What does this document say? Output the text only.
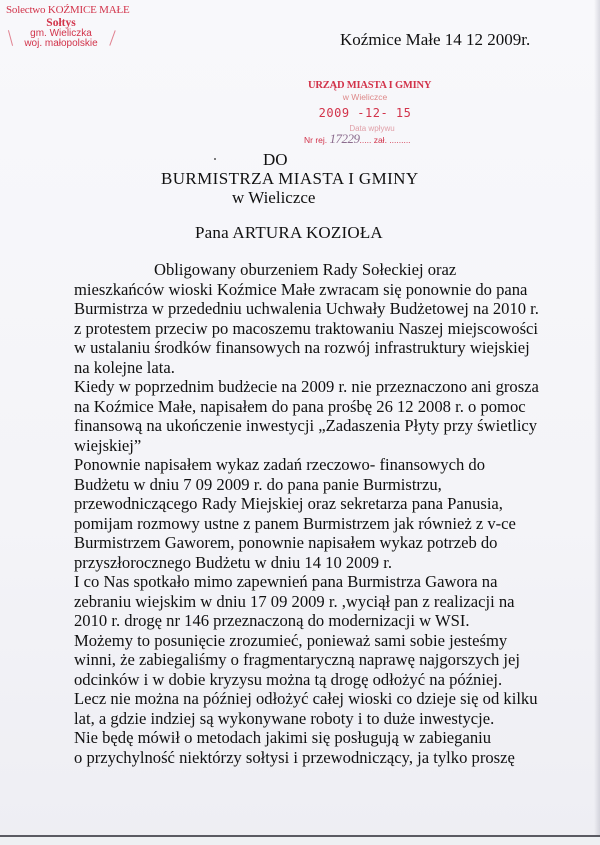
Solectwo KOŹMICE MAŁE
Sołtys
gm. Wieliczka
woj. małopolskie	Koźmice Małe 14 12 2009r.
URZĄD MIASTA I GMINY
w Wieliczce
2009 -12- 15
Data wpływu
Nr rej. 17229..... zał. .........
DO
BURMISTRZA MIASTA I GMINY
w Wieliczce
Pana ARTURA KOZIOŁA
Obligowany oburzeniem Rady Sołeckiej oraz
mieszkańców wioski Koźmice Małe zwracam się ponownie do pana
Burmistrza w przededniu uchwalenia Uchwały Budżetowej na 2010 r.
z protestem przeciw po macoszemu traktowaniu Naszej miejscowości
w ustalaniu środków finansowych na rozwój infrastruktury wiejskiej
na kolejne lata.
Kiedy w poprzednim budżecie na 2009 r. nie przeznaczono ani grosza
na Koźmice Małe, napisałem do pana prośbę 26 12 2008 r. o pomoc
finansową na ukończenie inwestycji „Zadaszenia Płyty przy świetlicy
wiejskiej”
Ponownie napisałem wykaz zadań rzeczowo- finansowych do
Budżetu w dniu 7 09 2009 r. do pana panie Burmistrzu,
przewodniczącego Rady Miejskiej oraz sekretarza pana Panusia,
pomijam rozmowy ustne z panem Burmistrzem jak również z v-ce
Burmistrzem Gaworem, ponownie napisałem wykaz potrzeb do
przyszłorocznego Budżetu w dniu 14 10 2009 r.
I co Nas spotkało mimo zapewnień pana Burmistrza Gawora na
zebraniu wiejskim w dniu 17 09 2009 r. ,wyciął pan z realizacji na
2010 r. drogę nr 146 przeznaczoną do modernizacji w WSI.
Możemy to posunięcie zrozumieć, ponieważ sami sobie jesteśmy
winni, że zabiegaliśmy o fragmentaryczną naprawę najgorszych jej
odcinków i w dobie kryzysu można tą drogę odłożyć na później.
Lecz nie można na później odłożyć całej wioski co dzieje się od kilku
lat, a gdzie indziej są wykonywane roboty i to duże inwestycje.
Nie będę mówił o metodach jakimi się posługują w zabieganiu
o przychylność niektórzy sołtysi i przewodniczący, ja tylko proszę
